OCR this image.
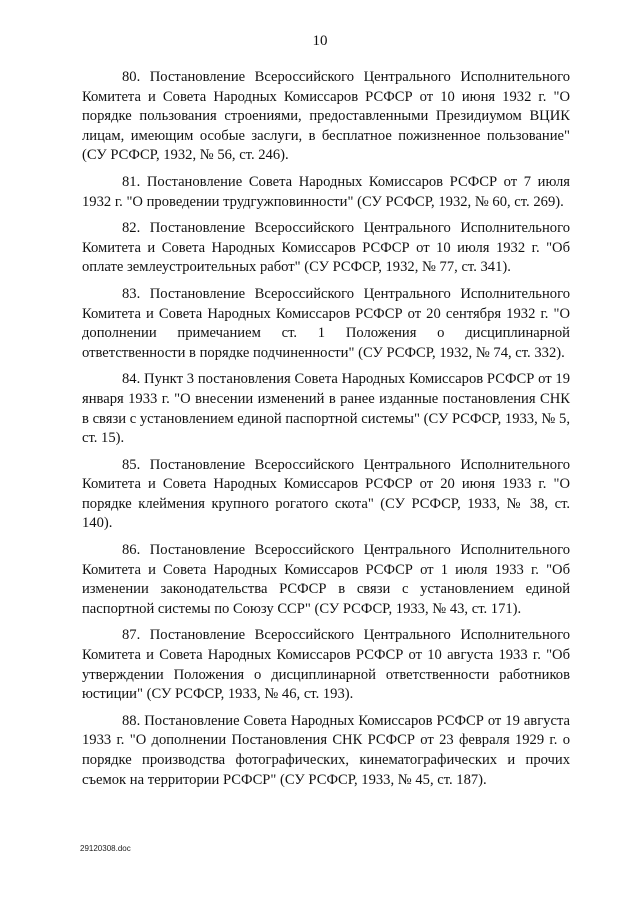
10

80. Постановление Всероссийского Центрального Исполнительного Комитета и Совета Народных Комиссаров РСФСР от 10 июня 1932 г. "О порядке пользования строениями, предоставленными Президиумом ВЦИК лицам, имеющим особые заслуги, в бесплатное пожизненное пользование" (СУ РСФСР, 1932, № 56, ст. 246).

81. Постановление Совета Народных Комиссаров РСФСР от 7 июля 1932 г. "О проведении трудгужповинности" (СУ РСФСР, 1932, № 60, ст. 269).

82. Постановление Всероссийского Центрального Исполнительного Комитета и Совета Народных Комиссаров РСФСР от 10 июля 1932 г. "Об оплате землеустроительных работ" (СУ РСФСР, 1932, № 77, ст. 341).

83. Постановление Всероссийского Центрального Исполнительного Комитета и Совета Народных Комиссаров РСФСР от 20 сентября 1932 г. "О дополнении примечанием ст. 1 Положения о дисциплинарной ответственности в порядке подчиненности" (СУ РСФСР, 1932, № 74, ст. 332).

84. Пункт 3 постановления Совета Народных Комиссаров РСФСР от 19 января 1933 г. "О внесении изменений в ранее изданные постановления СНК в связи с установлением единой паспортной системы" (СУ РСФСР, 1933, № 5, ст. 15).

85. Постановление Всероссийского Центрального Исполнительного Комитета и Совета Народных Комиссаров РСФСР от 20 июня 1933 г. "О порядке клеймения крупного рогатого скота" (СУ РСФСР, 1933, № 38, ст. 140).

86. Постановление Всероссийского Центрального Исполнительного Комитета и Совета Народных Комиссаров РСФСР от 1 июля 1933 г. "Об изменении законодательства РСФСР в связи с установлением единой паспортной системы по Союзу ССР" (СУ РСФСР, 1933, № 43, ст. 171).

87. Постановление Всероссийского Центрального Исполнительного Комитета и Совета Народных Комиссаров РСФСР от 10 августа 1933 г. "Об утверждении Положения о дисциплинарной ответственности работников юстиции" (СУ РСФСР, 1933, № 46, ст. 193).

88. Постановление Совета Народных Комиссаров РСФСР от 19 августа 1933 г. "О дополнении Постановления СНК РСФСР от 23 февраля 1929 г. о порядке производства фотографических, кинематографических и прочих съемок на территории РСФСР" (СУ РСФСР, 1933, № 45, ст. 187).

29120308.doc
